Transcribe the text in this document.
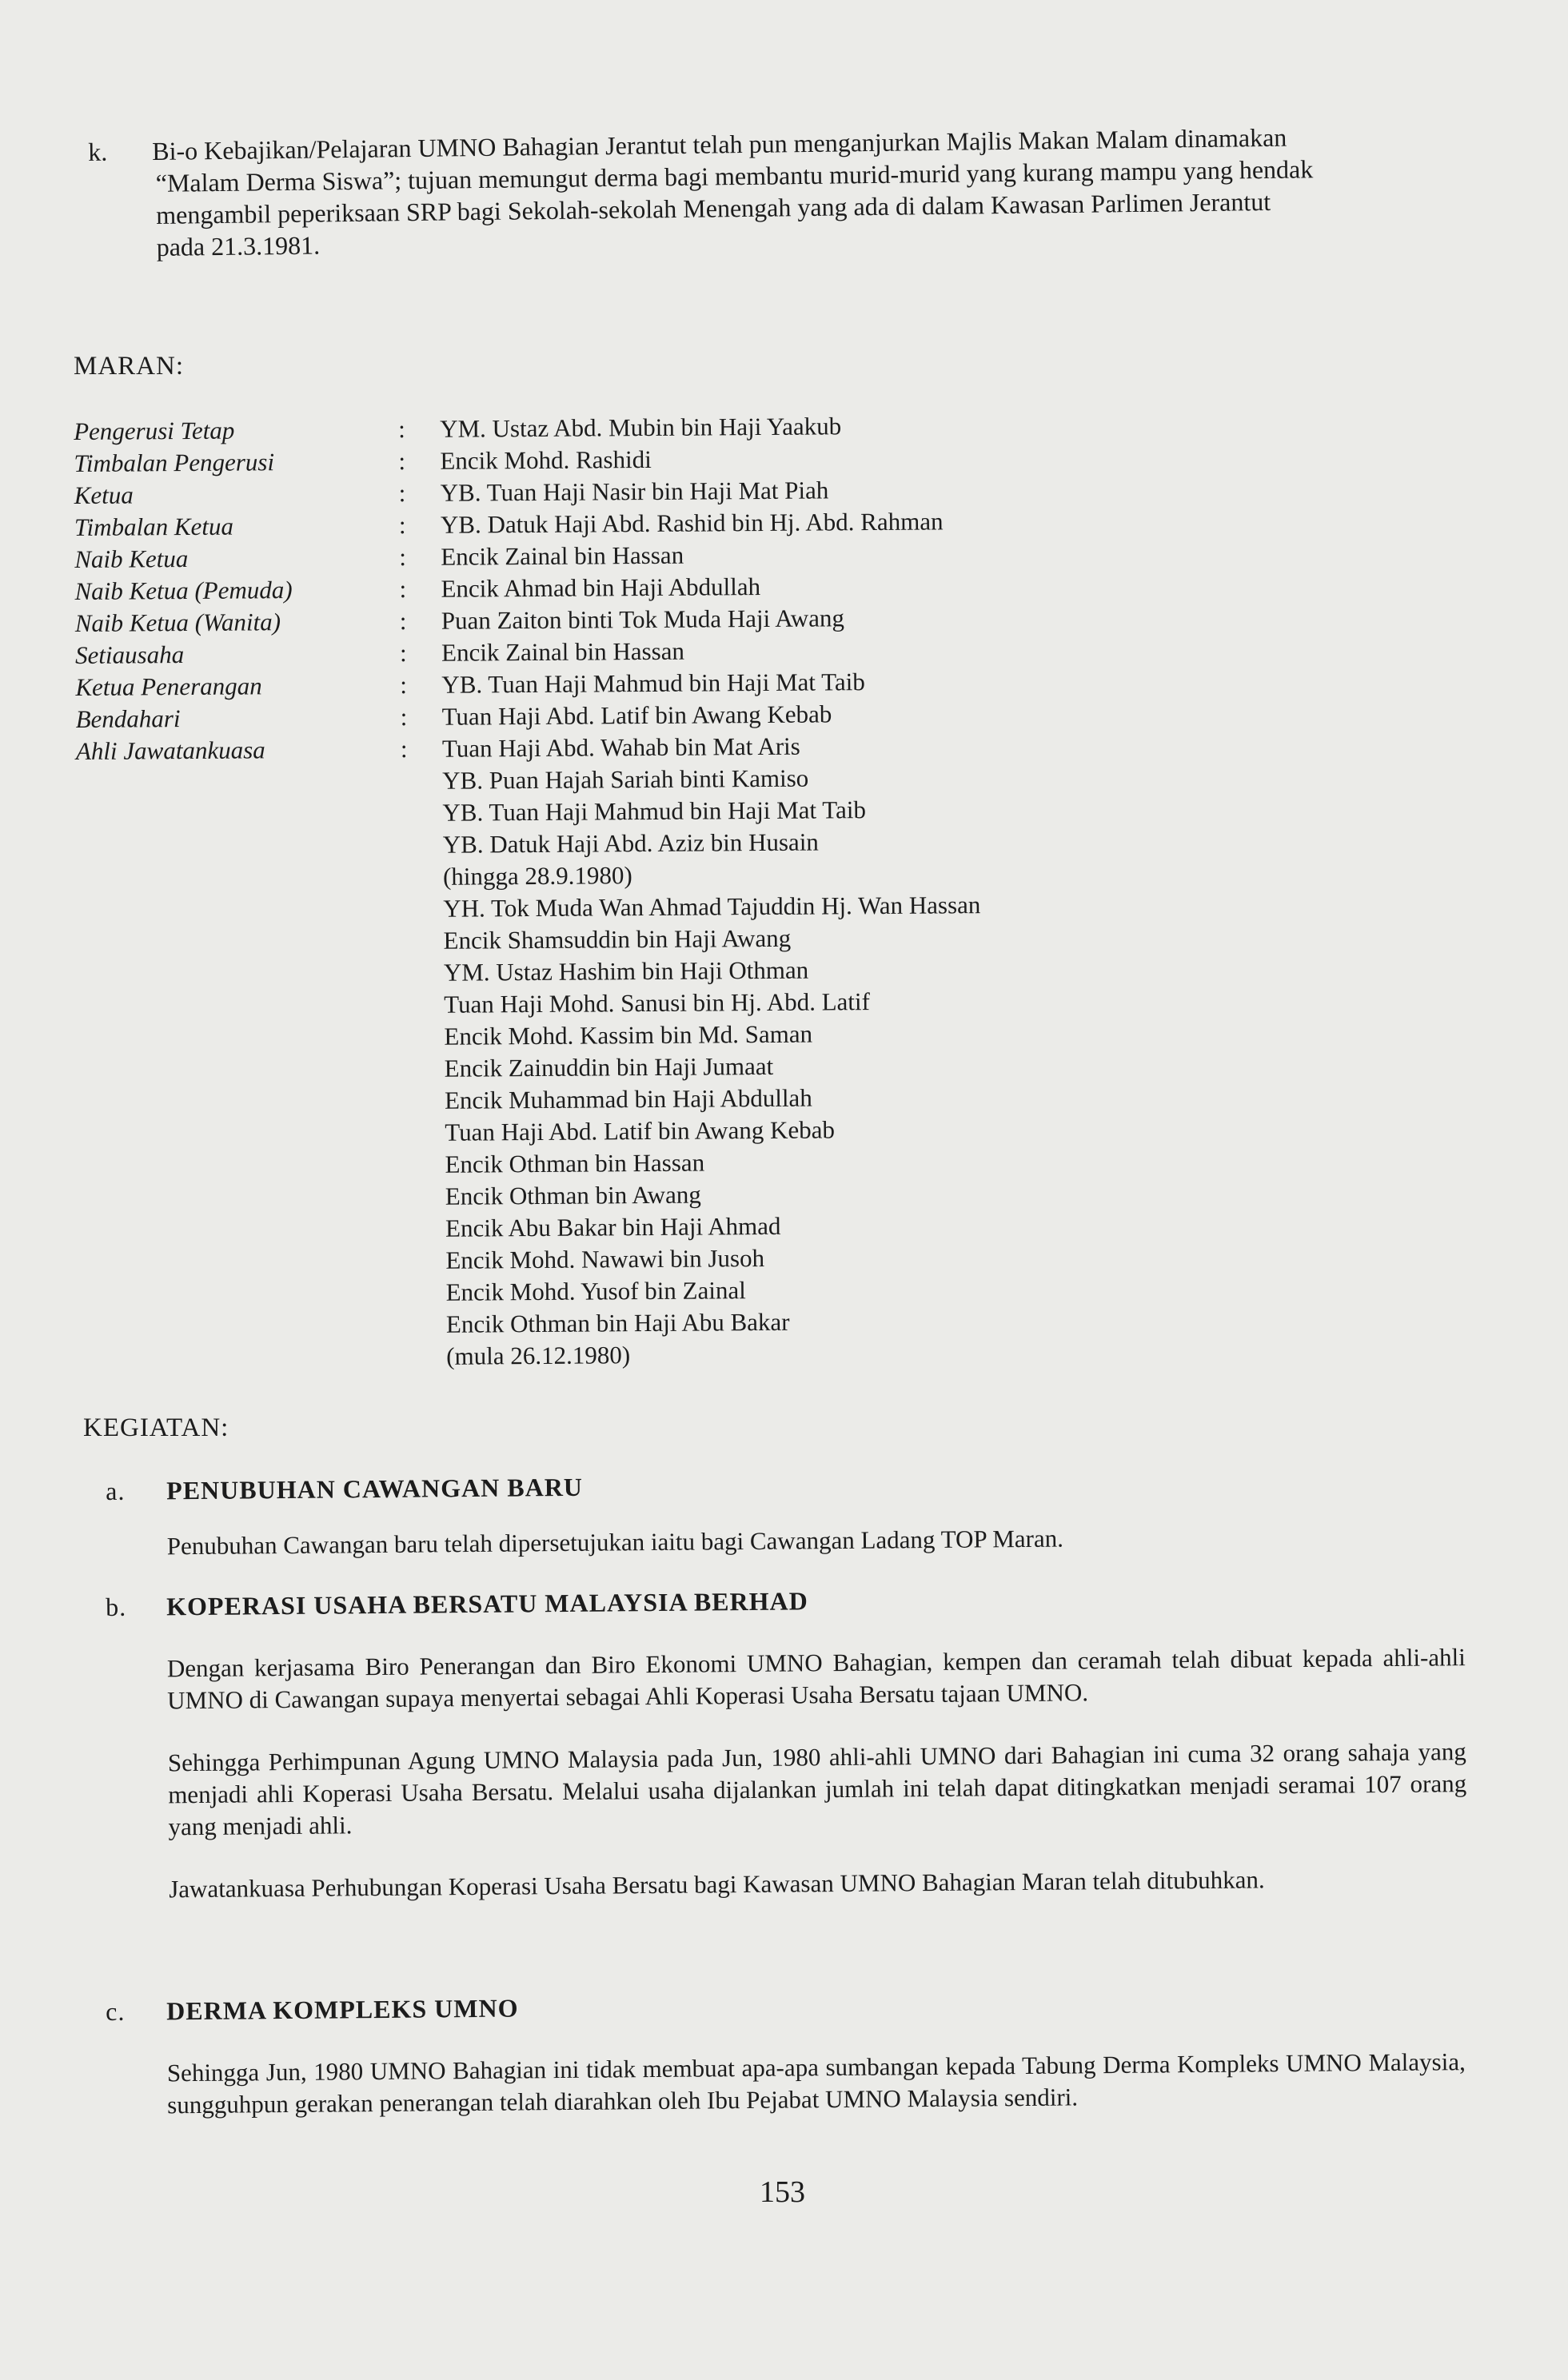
k. Bi-o Kebajikan/Pelajaran UMNO Bahagian Jerantut telah pun menganjurkan Majlis Makan Malam dinamakan
“Malam Derma Siswa”; tujuan memungut derma bagi membantu murid-murid yang kurang mampu yang hendak
mengambil peperiksaan SRP bagi Sekolah-sekolah Menengah yang ada di dalam Kawasan Parlimen Jerantut
pada 21.3.1981.
MARAN:
Pengerusi Tetap	:	YM. Ustaz Abd. Mubin bin Haji Yaakub
Timbalan Pengerusi	:	Encik Mohd. Rashidi
Ketua	:	YB. Tuan Haji Nasir bin Haji Mat Piah
Timbalan Ketua	:	YB. Datuk Haji Abd. Rashid bin Hj. Abd. Rahman
Naib Ketua	:	Encik Zainal bin Hassan
Naib Ketua (Pemuda)	:	Encik Ahmad bin Haji Abdullah
Naib Ketua (Wanita)	:	Puan Zaiton binti Tok Muda Haji Awang
Setiausaha	:	Encik Zainal bin Hassan
Ketua Penerangan	:	YB. Tuan Haji Mahmud bin Haji Mat Taib
Bendahari	:	Tuan Haji Abd. Latif bin Awang Kebab
Ahli Jawatankuasa	:	Tuan Haji Abd. Wahab bin Mat Aris
YB. Puan Hajah Sariah binti Kamiso
YB. Tuan Haji Mahmud bin Haji Mat Taib
YB. Datuk Haji Abd. Aziz bin Husain
(hingga 28.9.1980)
YH. Tok Muda Wan Ahmad Tajuddin Hj. Wan Hassan
Encik Shamsuddin bin Haji Awang
YM. Ustaz Hashim bin Haji Othman
Tuan Haji Mohd. Sanusi bin Hj. Abd. Latif
Encik Mohd. Kassim bin Md. Saman
Encik Zainuddin bin Haji Jumaat
Encik Muhammad bin Haji Abdullah
Tuan Haji Abd. Latif bin Awang Kebab
Encik Othman bin Hassan
Encik Othman bin Awang
Encik Abu Bakar bin Haji Ahmad
Encik Mohd. Nawawi bin Jusoh
Encik Mohd. Yusof bin Zainal
Encik Othman bin Haji Abu Bakar
(mula 26.12.1980)
KEGIATAN:
a.	PENUBUHAN CAWANGAN BARU
Penubuhan Cawangan baru telah dipersetujukan iaitu bagi Cawangan Ladang TOP Maran.
b.	KOPERASI USAHA BERSATU MALAYSIA BERHAD
Dengan kerjasama Biro Penerangan dan Biro Ekonomi UMNO Bahagian, kempen dan ceramah telah dibuat kepada ahli-ahli UMNO di Cawangan supaya menyertai sebagai Ahli Koperasi Usaha Bersatu tajaan UMNO.
Sehingga Perhimpunan Agung UMNO Malaysia pada Jun, 1980 ahli-ahli UMNO dari Bahagian ini cuma 32 orang sahaja yang menjadi ahli Koperasi Usaha Bersatu. Melalui usaha dijalankan jumlah ini telah dapat ditingkatkan menjadi seramai 107 orang yang menjadi ahli.
Jawatankuasa Perhubungan Koperasi Usaha Bersatu bagi Kawasan UMNO Bahagian Maran telah ditubuhkan.
c.	DERMA KOMPLEKS UMNO
Sehingga Jun, 1980 UMNO Bahagian ini tidak membuat apa-apa sumbangan kepada Tabung Derma Kompleks UMNO Malaysia, sungguhpun gerakan penerangan telah diarahkan oleh Ibu Pejabat UMNO Malaysia sendiri.
153
